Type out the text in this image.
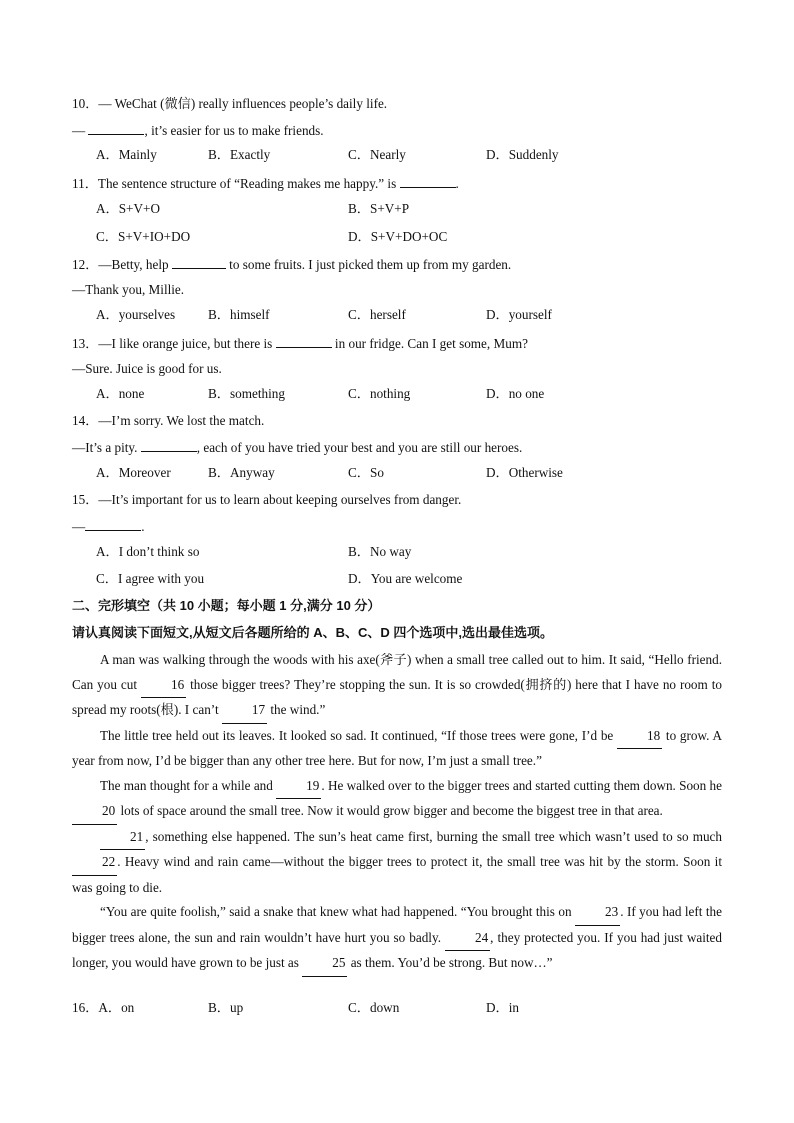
10．— WeChat (微信) really influences people’s daily life.
—	, it’s easier for us to make friends.
A．Mainly	B．Exactly	C．Nearly	D．Suddenly
11．The sentence structure of “Reading makes me happy.” is	.
A．S+V+O	B．S+V+P
C．S+V+IO+DO	D．S+V+DO+OC
12．—Betty, help	to some fruits. I just picked them up from my garden.
—Thank you, Millie.
A．yourselves B．himself	C．herself	D．yourself
13．—I like orange juice, but there is	in our fridge. Can I get some, Mum?
—Sure. Juice is good for us.
A．none	B．something	C．nothing	D．no one
14．—I’m sorry. We lost the match.
—It’s a pity.	, each of you have tried your best and you are still our heroes.
A．Moreover	B．Anyway	C．So	D．Otherwise
15．—It’s important for us to learn about keeping ourselves from danger.
—	.
A．I don’t think so	B．No way
C．I agree with you	D．You are welcome
二、完形填空（共 10 小题；每小题 1 分,满分 10 分）
请认真阅读下面短文,从短文后各题所给的 A、B、C、D 四个选项中,选出最佳选项。

A man was walking through the woods with his axe(斧子) when a small tree called out to him. It said, “Hello friend. Can you cut 16 those bigger trees? They’re stopping the sun. It is so crowded(拥挤的) here that I have no room to spread my roots(根). I can’t 17 the wind.”

The little tree held out its leaves. It looked so sad. It continued, “If those trees were gone, I’d be 18 to grow. A year from now, I’d be bigger than any other tree here. But for now, I’m just a small tree.”

The man thought for a while and 19 . He walked over to the bigger trees and started cutting them down. Soon he 20 lots of space around the small tree. Now it would grow bigger and become the biggest tree in that area.

21 , something else happened. The sun’s heat came first, burning the small tree which wasn’t used to so much 22 . Heavy wind and rain came—without the bigger trees to protect it, the small tree was hit by the storm. Soon it was going to die.

“You are quite foolish,” said a snake that knew what had happened. “You brought this on 23 . If you had left the bigger trees alone, the sun and rain wouldn’t have hurt you so badly. 24 , they protected you. If you had just waited longer, you would have grown to be just as 25 as them. You’d be strong. But now…”

16．A．on	B．up	C．down	D．in
